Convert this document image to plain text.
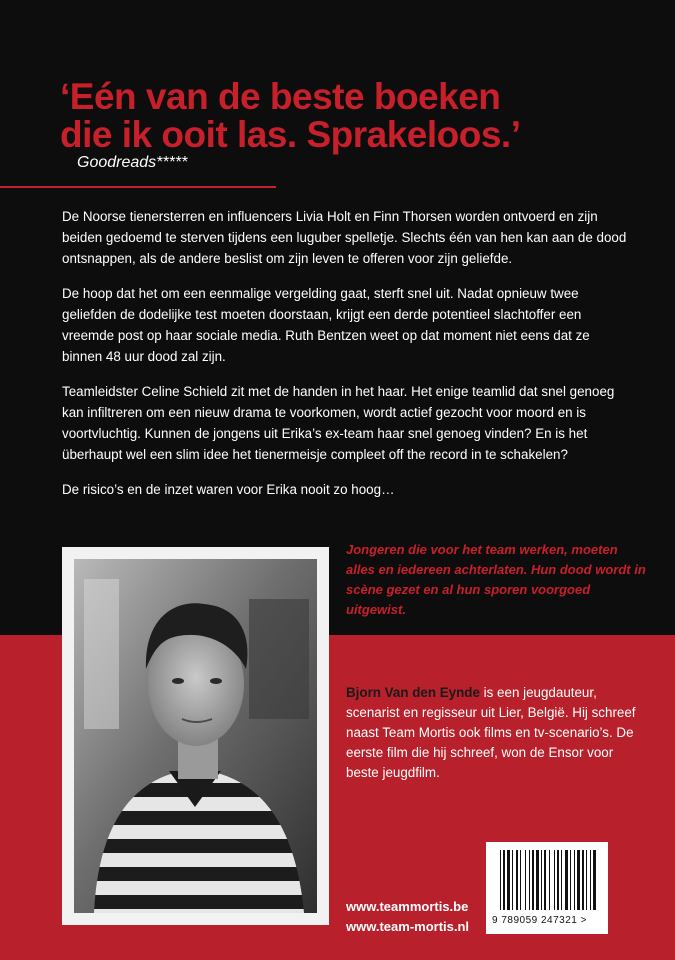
‘Eén van de beste boeken
die ik ooit las. Sprakeloos.’
Goodreads*****

De Noorse tienersterren en influencers Livia Holt en Finn Thorsen worden ontvoerd en zijn beiden gedoemd te sterven tijdens een luguber spelletje. Slechts één van hen kan aan de dood ontsnappen, als de andere beslist om zijn leven te offeren voor zijn geliefde.

De hoop dat het om een eenmalige vergelding gaat, sterft snel uit. Nadat opnieuw twee geliefden de dodelijke test moeten doorstaan, krijgt een derde potentieel slachtoffer een vreemde post op haar sociale media. Ruth Bentzen weet op dat moment niet eens dat ze binnen 48 uur dood zal zijn.

Teamleidster Celine Schield zit met de handen in het haar. Het enige teamlid dat snel genoeg kan infiltreren om een nieuw drama te voorkomen, wordt actief gezocht voor moord en is voortvluchtig. Kunnen de jongens uit Erika’s ex-team haar snel genoeg vinden? En is het überhaupt wel een slim idee het tienermeisje compleet off the record in te schakelen?

De risico’s en de inzet waren voor Erika nooit zo hoog…

Jongeren die voor het team werken, moeten alles en iedereen achterlaten. Hun dood wordt in scène gezet en al hun sporen voorgoed uitgewist.
Bjorn Van den Eynde is een jeugdauteur, scenarist en regisseur uit Lier, België. Hij schreef naast Team Mortis ook films en tv-scenario’s. De eerste film die hij schreef, won de Ensor voor beste jeugdfilm.
www.teammortis.be
www.team-mortis.nl 9 789059 247321 >
